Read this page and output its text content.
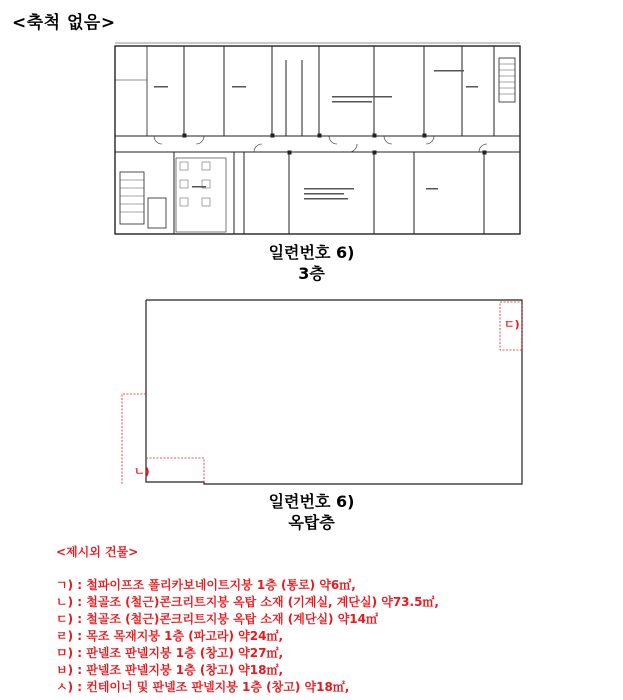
<축척 없음>
일련번호 6)
3층
ㄷ)
ㄴ)
일련번호 6)
옥탑층
<제시외 건물>
ㄱ) : 철파이프조 폴리카보네이트지붕 1층 (통로) 약6㎡,
ㄴ) : 철골조 (철근)콘크리트지붕 옥탑 소재 (기계실, 계단실) 약73.5㎡,
ㄷ) : 철골조 (철근)콘크리트지붕 옥탑 소재 (계단실) 약14㎡
ㄹ) : 목조 목재지붕 1층 (파고라) 약24㎡,
ㅁ) : 판넬조 판넬지붕 1층 (창고) 약27㎡,
ㅂ) : 판넬조 판넬지붕 1층 (창고) 약18㎡,
ㅅ) : 컨테이너 및 판넬조 판넬지붕 1층 (창고) 약18㎡,
